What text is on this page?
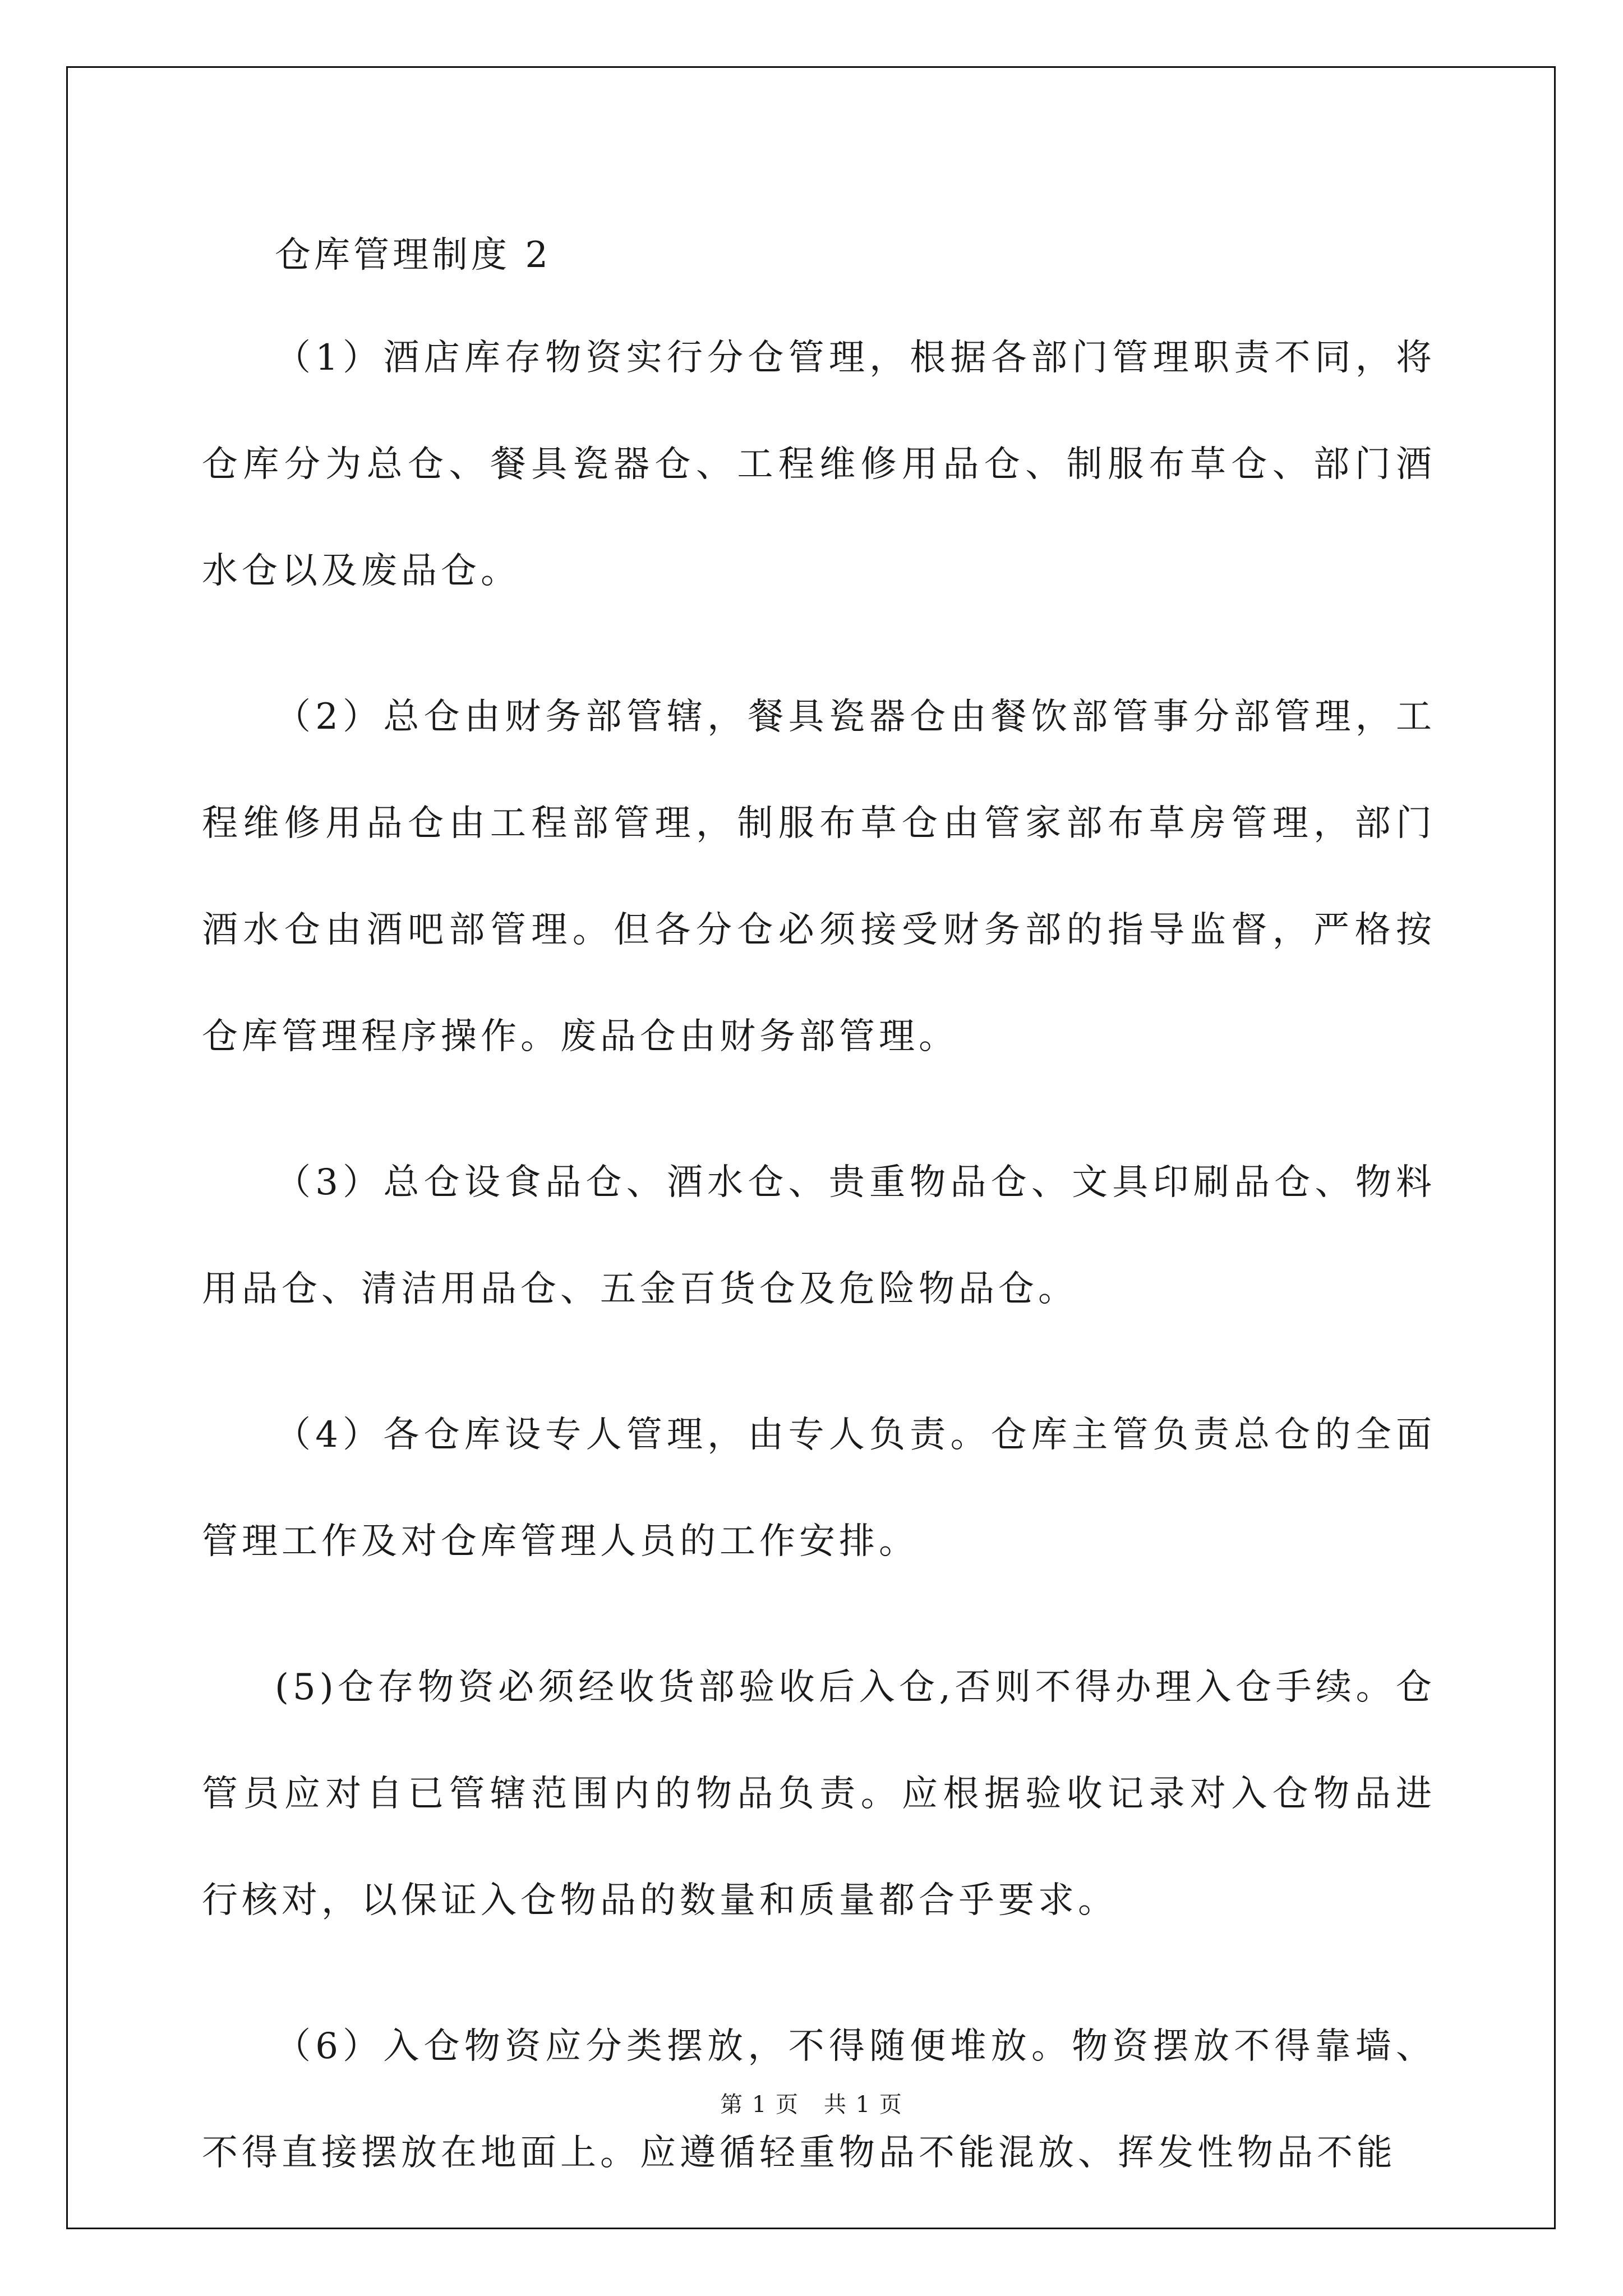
仓库管理制度 2

（1）酒店库存物资实行分仓管理，根据各部门管理职责不同，将仓库分为总仓、餐具瓷器仓、工程维修用品仓、制服布草仓、部门酒水仓以及废品仓。

（2）总仓由财务部管辖，餐具瓷器仓由餐饮部管事分部管理，工程维修用品仓由工程部管理，制服布草仓由管家部布草房管理，部门酒水仓由酒吧部管理。但各分仓必须接受财务部的指导监督，严格按仓库管理程序操作。废品仓由财务部管理。

（3）总仓设食品仓、酒水仓、贵重物品仓、文具印刷品仓、物料用品仓、清洁用品仓、五金百货仓及危险物品仓。

（4）各仓库设专人管理，由专人负责。仓库主管负责总仓的全面管理工作及对仓库管理人员的工作安排。

(5)仓存物资必须经收货部验收后入仓,否则不得办理入仓手续。仓管员应对自已管辖范围内的物品负责。应根据验收记录对入仓物品进行核对，以保证入仓物品的数量和质量都合乎要求。

（6）入仓物资应分类摆放，不得随便堆放。物资摆放不得靠墙、不得直接摆放在地面上。应遵循轻重物品不能混放、挥发性物品不能

第 1 页 共 1 页
